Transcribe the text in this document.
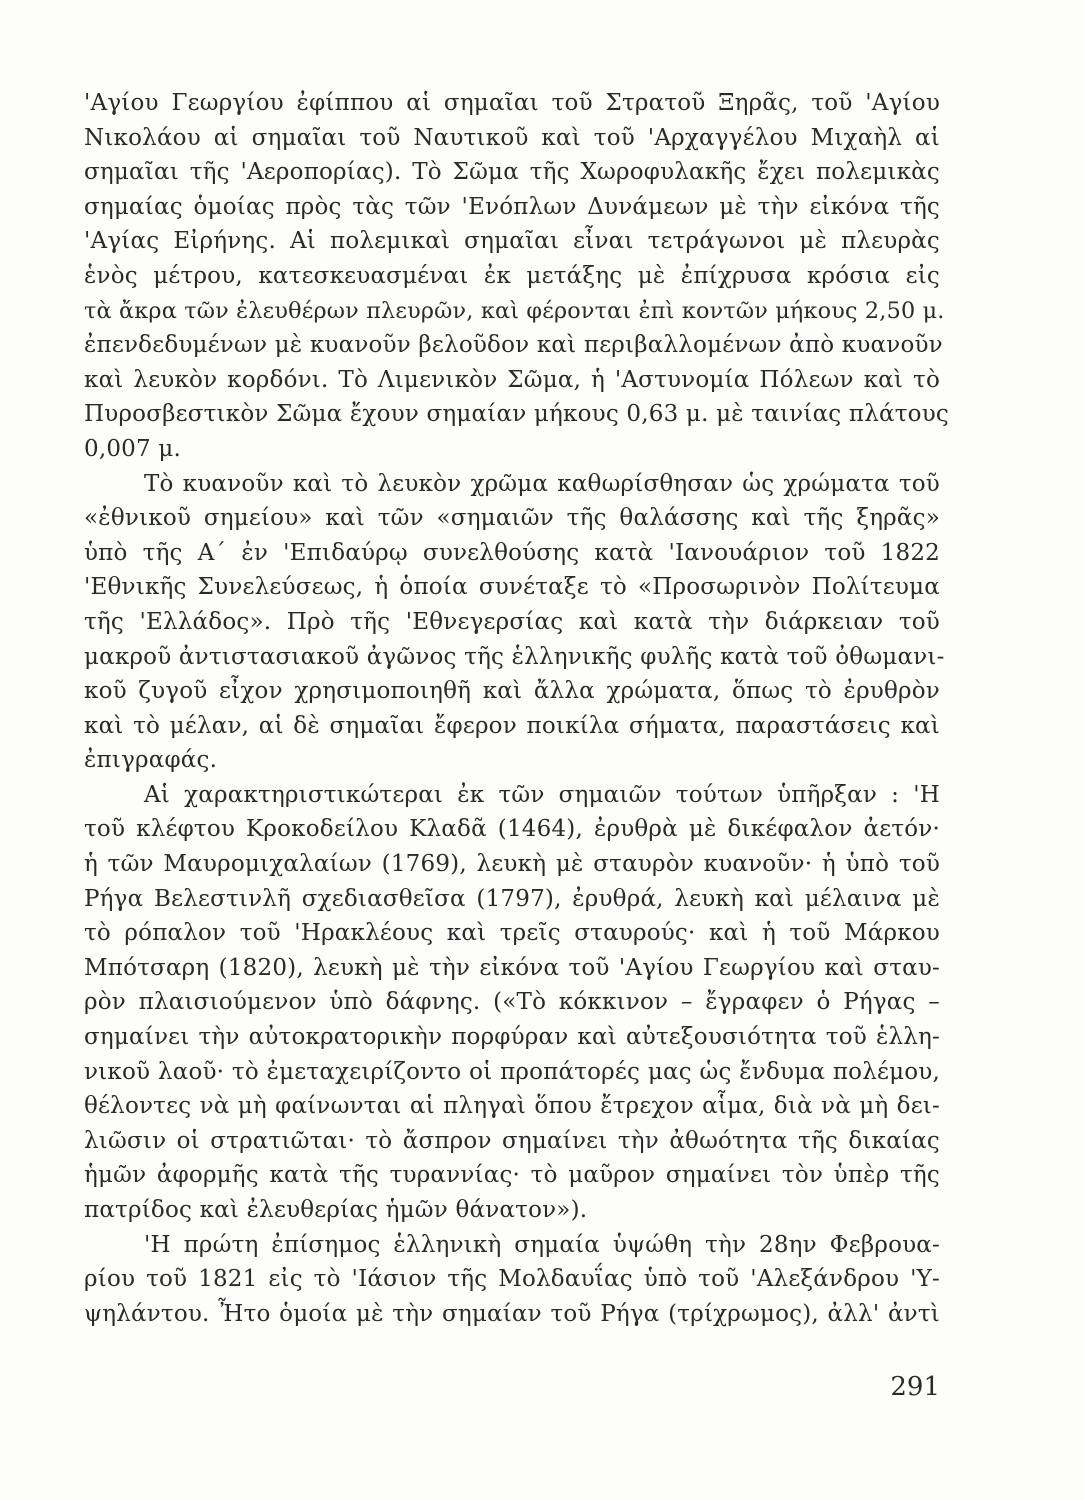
'Αγίου Γεωργίου ἐφίππου αἱ σημαῖαι τοῦ Στρατοῦ Ξηρᾶς, τοῦ 'Αγίου
Νικολάου αἱ σημαῖαι τοῦ Ναυτικοῦ καὶ τοῦ 'Αρχαγγέλου Μιχαὴλ αἱ
σημαῖαι τῆς 'Αεροπορίας). Τὸ Σῶμα τῆς Χωροφυλακῆς ἔχει πολεμικὰς
σημαίας ὁμοίας πρὸς τὰς τῶν 'Ενόπλων Δυνάμεων μὲ τὴν εἰκόνα τῆς
'Αγίας Εἰρήνης. Αἱ πολεμικαὶ σημαῖαι εἶναι τετράγωνοι μὲ πλευρὰς
ἑνὸς μέτρου, κατεσκευασμέναι ἐκ μετάξης μὲ ἐπίχρυσα κρόσια εἰς
τὰ ἄκρα τῶν ἐλευθέρων πλευρῶν, καὶ φέρονται ἐπὶ κοντῶν μήκους 2,50 μ.
ἐπενδεδυμένων μὲ κυανοῦν βελοῦδον καὶ περιβαλλομένων ἀπὸ κυανοῦν
καὶ λευκὸν κορδόνι. Τὸ Λιμενικὸν Σῶμα, ἡ 'Αστυνομία Πόλεων καὶ τὸ
Πυροσβεστικὸν Σῶμα ἔχουν σημαίαν μήκους 0,63 μ. μὲ ταινίας πλάτους
0,007 μ.
Τὸ κυανοῦν καὶ τὸ λευκὸν χρῶμα καθωρίσθησαν ὡς χρώματα τοῦ
«ἐθνικοῦ σημείου» καὶ τῶν «σημαιῶν τῆς θαλάσσης καὶ τῆς ξηρᾶς»
ὑπὸ τῆς Α΄ ἐν 'Επιδαύρῳ συνελθούσης κατὰ 'Ιανουάριον τοῦ 1822
'Εθνικῆς Συνελεύσεως, ἡ ὁποία συνέταξε τὸ «Προσωρινὸν Πολίτευμα
τῆς 'Ελλάδος». Πρὸ τῆς 'Εθνεγερσίας καὶ κατὰ τὴν διάρκειαν τοῦ
μακροῦ ἀντιστασιακοῦ ἀγῶνος τῆς ἑλληνικῆς φυλῆς κατὰ τοῦ ὀθωμανι-
κοῦ ζυγοῦ εἶχον χρησιμοποιηθῆ καὶ ἄλλα χρώματα, ὅπως τὸ ἐρυθρὸν
καὶ τὸ μέλαν, αἱ δὲ σημαῖαι ἔφερον ποικίλα σήματα, παραστάσεις καὶ
ἐπιγραφάς.
Αἱ χαρακτηριστικώτεραι ἐκ τῶν σημαιῶν τούτων ὑπῆρξαν : 'Η
τοῦ κλέφτου Κροκοδείλου Κλαδᾶ (1464), ἐρυθρὰ μὲ δικέφαλον ἀετόν·
ἡ τῶν Μαυρομιχαλαίων (1769), λευκὴ μὲ σταυρὸν κυανοῦν· ἡ ὑπὸ τοῦ
Ρήγα Βελεστινλῆ σχεδιασθεῖσα (1797), ἐρυθρά, λευκὴ καὶ μέλαινα μὲ
τὸ ρόπαλον τοῦ 'Ηρακλέους καὶ τρεῖς σταυρούς· καὶ ἡ τοῦ Μάρκου
Μπότσαρη (1820), λευκὴ μὲ τὴν εἰκόνα τοῦ 'Αγίου Γεωργίου καὶ σταυ-
ρὸν πλαισιούμενον ὑπὸ δάφνης. («Τὸ κόκκινον – ἔγραφεν ὁ Ρήγας –
σημαίνει τὴν αὐτοκρατορικὴν πορφύραν καὶ αὐτεξουσιότητα τοῦ ἑλλη-
νικοῦ λαοῦ· τὸ ἐμεταχειρίζοντο οἱ προπάτορές μας ὡς ἔνδυμα πολέμου,
θέλοντες νὰ μὴ φαίνωνται αἱ πληγαὶ ὅπου ἔτρεχον αἷμα, διὰ νὰ μὴ δει-
λιῶσιν οἱ στρατιῶται· τὸ ἄσπρον σημαίνει τὴν ἀθωότητα τῆς δικαίας
ἡμῶν ἀφορμῆς κατὰ τῆς τυραννίας· τὸ μαῦρον σημαίνει τὸν ὑπὲρ τῆς
πατρίδος καὶ ἐλευθερίας ἡμῶν θάνατον»).
'Η πρώτη ἐπίσημος ἑλληνικὴ σημαία ὑψώθη τὴν 28ην Φεβρουα-
ρίου τοῦ 1821 εἰς τὸ 'Ιάσιον τῆς Μολδαυΐας ὑπὸ τοῦ 'Αλεξάνδρου 'Υ-
ψηλάντου. Ἦτο ὁμοία μὲ τὴν σημαίαν τοῦ Ρήγα (τρίχρωμος), ἀλλ' ἀντὶ
291
